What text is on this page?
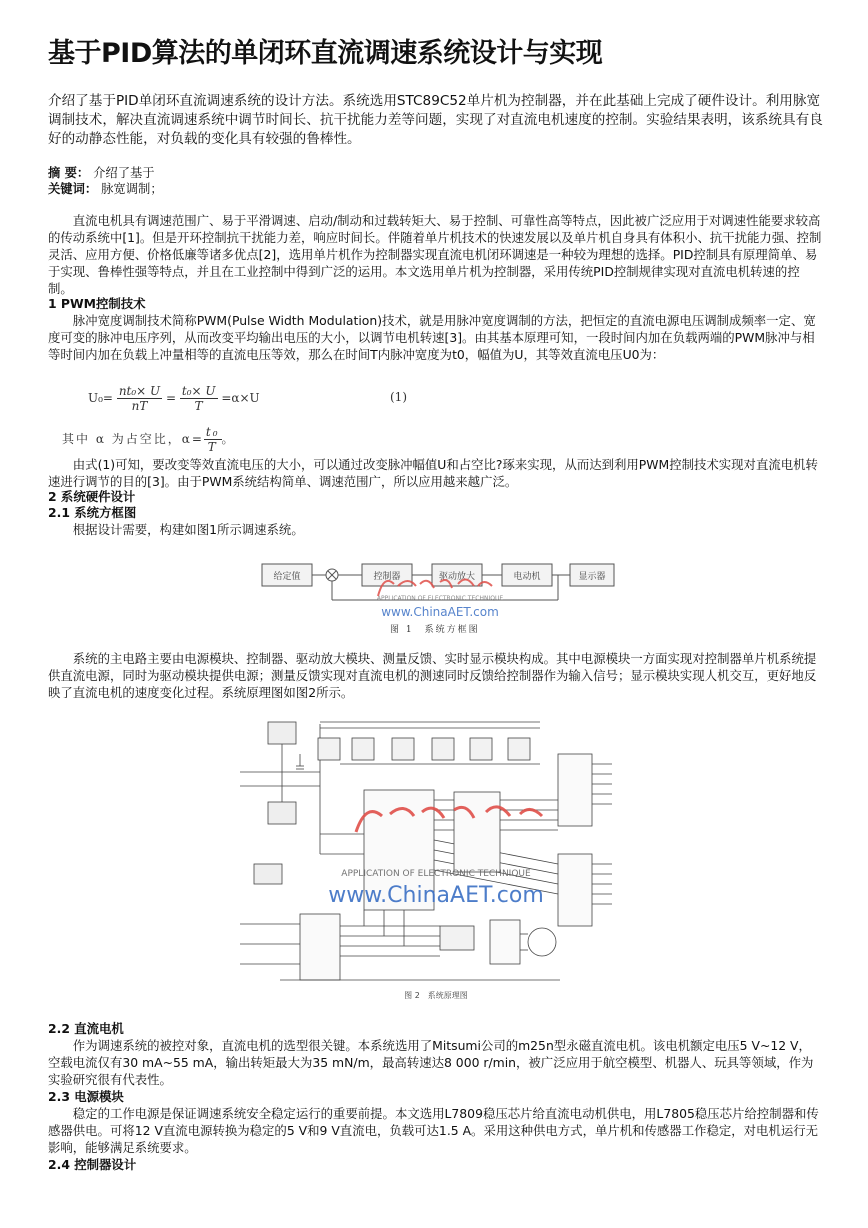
基于PID算法的单闭环直流调速系统设计与实现

介绍了基于PID单闭环直流调速系统的设计方法。系统选用STC89C52单片机为控制器，并在此基础上完成了硬件设计。利用脉宽调制技术，解决直流调速系统中调节时间长、抗干扰能力差等问题，实现了对直流电机速度的控制。实验结果表明，该系统具有良好的动静态性能，对负载的变化具有较强的鲁棒性。

摘 要： 介绍了基于
关键词： 脉宽调制；

直流电机具有调速范围广、易于平滑调速、启动/制动和过载转矩大、易于控制、可靠性高等特点，因此被广泛应用于对调速性能要求较高的传动系统中[1]。但是开环控制抗干扰能力差，响应时间长。伴随着单片机技术的快速发展以及单片机自身具有体积小、抗干扰能力强、控制灵活、应用方便、价格低廉等诸多优点[2]，选用单片机作为控制器实现直流电机闭环调速是一种较为理想的选择。PID控制具有原理简单、易于实现、鲁棒性强等特点，并且在工业控制中得到广泛的运用。本文选用单片机为控制器，采用传统PID控制规律实现对直流电机转速的控制。

1 PWM控制技术

脉冲宽度调制技术简称PWM(Pulse Width Modulation)技术，就是用脉冲宽度调制的方法，把恒定的直流电源电压调制成频率一定、宽度可变的脉冲电压序列，从而改变平均输出电压的大小，以调节电机转速[3]。由其基本原理可知，一段时间内加在负载两端的PWM脉冲与相等时间内加在负载上冲量相等的直流电压等效，那么在时间T内脉冲宽度为t0，幅值为U，其等效直流电压U0为：

$U_0= \frac{\text{nt₀× U}}{nT} = \frac{\text{t₀× U}}{T} =\alpha\times U$	(1)
其中 α 为占空比，$\alpha= \frac{\text{t₀}}{T}$ 。

由式(1)可知，要改变等效直流电压的大小，可以通过改变脉冲幅值U和占空比?琢来实现，从而达到利用PWM控制技术实现对直流电机转速进行调节的目的[3]。由于PWM系统结构简单、调速范围广，所以应用越来越广泛。

2 系统硬件设计
2.1 系统方框图

根据设计需要，构建如图1所示调速系统。

给定值	控制器	驱动放大	电动机	显示器
APPLICATION OF ELECTRONIC TECHNIQUE
www.ChinaAET.com
图 1　系统方框图

系统的主电路主要由电源模块、控制器、驱动放大模块、测量反馈、实时显示模块构成。其中电源模块一方面实现对控制器单片机系统提供直流电源，同时为驱动模块提供电源；测量反馈实现对直流电机的测速同时反馈给控制器作为输入信号；显示模块实现人机交互，更好地反映了直流电机的速度变化过程。系统原理图如图2所示。

APPLICATION OF ELECTRONIC TECHNIQUE
www.ChinaAET.com
图 2　系统原理图
2.2 直流电机

作为调速系统的被控对象，直流电机的选型很关键。本系统选用了Mitsumi公司的m25n型永磁直流电机。该电机额定电压5 V~12 V，空载电流仅有30 mA~55 mA，输出转矩最大为35 mN/m，最高转速达8 000 r/min，被广泛应用于航空模型、机器人、玩具等领域，作为实验研究很有代表性。

2.3 电源模块

稳定的工作电源是保证调速系统安全稳定运行的重要前提。本文选用L7809稳压芯片给直流电动机供电，用L7805稳压芯片给控制器和传感器供电。可将12 V直流电源转换为稳定的5 V和9 V直流电，负载可达1.5 A。采用这种供电方式，单片机和传感器工作稳定，对电机运行无影响，能够满足系统要求。

2.4 控制器设计
